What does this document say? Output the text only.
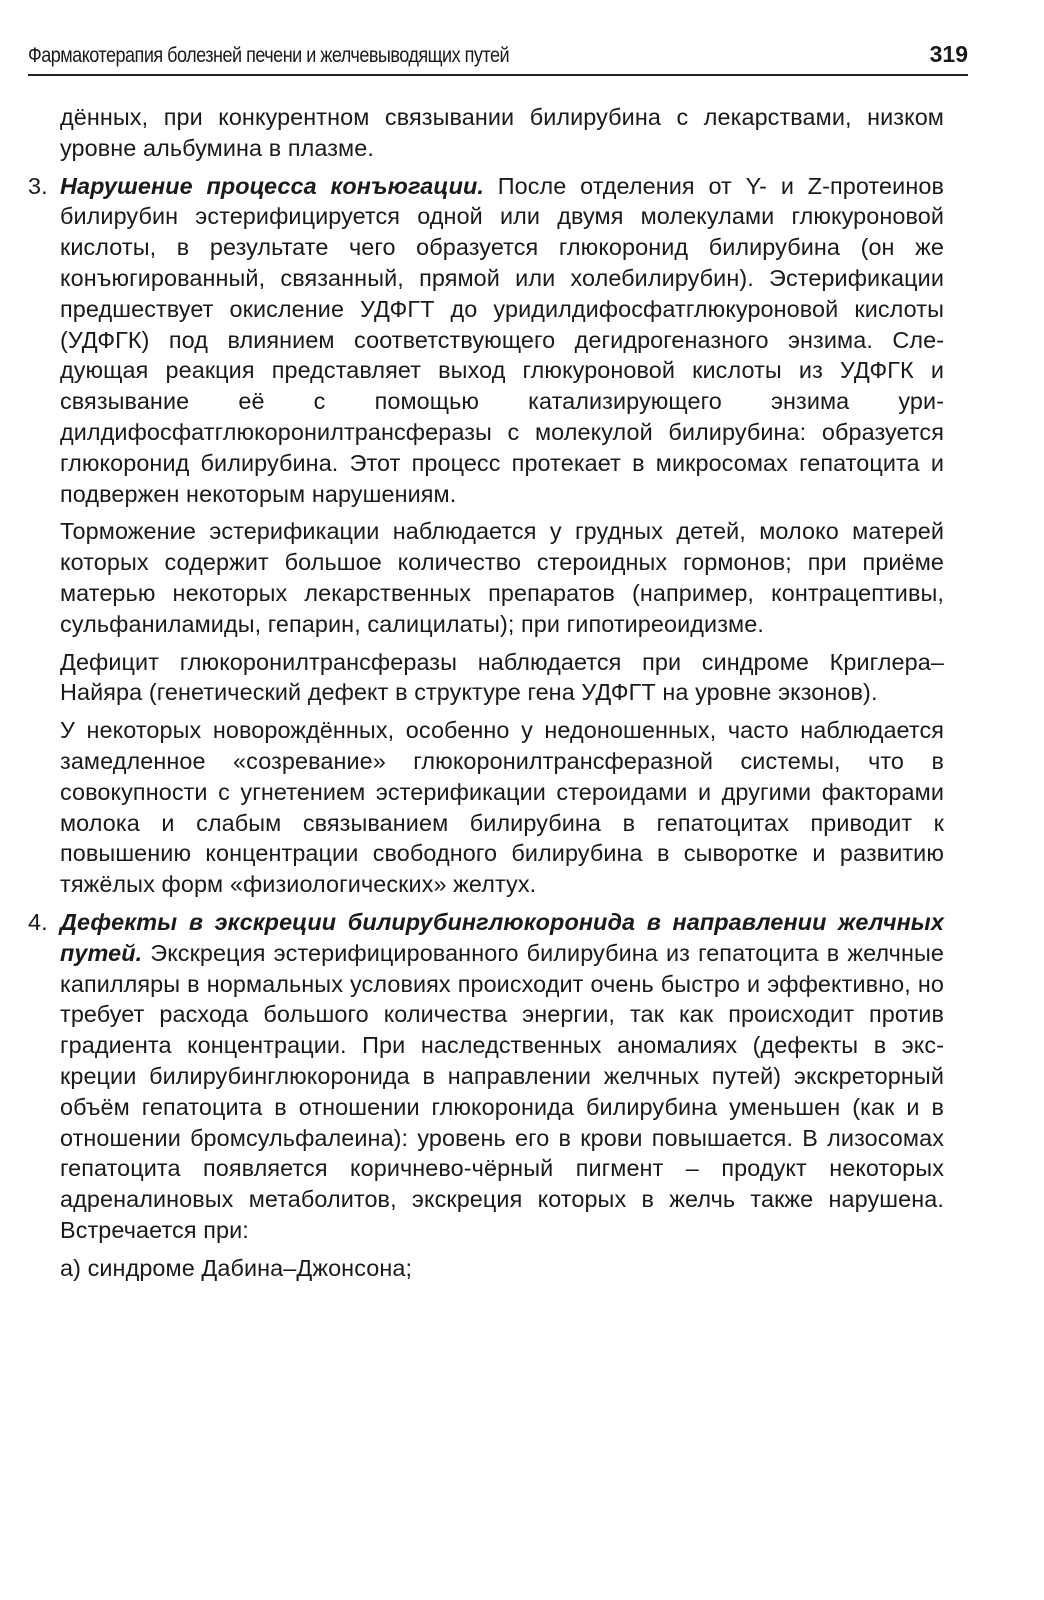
Фармакотерапия болезней печени и желчевыводящих путей	319

дённых, при конкурентном связывании билирубина с лекарствами, низком уровне альбумина в плазме.

3. Нарушение процесса конъюгации. После отделения от Y- и Z-протеинов билирубин эстерифицируется одной или двумя молекулами глюкуроновой кислоты, в результате чего образуется глюкоронид билирубина (он же конъюгированный, связанный, прямой или холебилирубин). Эстерификации предшествует окисление УДФГТ до уридилдифосфатглюкуроновой кислоты (УДФГК) под влиянием соответствующего дегидрогеназного энзима. Следующая реакция представляет выход глюкуроновой кислоты из УДФГК и связывание её с помощью катализирующего энзима уридилдифосфатглюкоронилтрансферазы с молекулой билирубина: образуется глюкоронид билирубина. Этот процесс протекает в микросомах гепатоцита и подвержен некоторым нарушениям.

Торможение эстерификации наблюдается у грудных детей, молоко матерей которых содержит большое количество стероидных гормонов; при приёме матерью некоторых лекарственных препаратов (например, контрацептивы, сульфаниламиды, гепарин, салицилаты); при гипотиреоидизме.

Дефицит глюкоронилтрансферазы наблюдается при синдроме Криглера–Найяра (генетический дефект в структуре гена УДФГТ на уровне экзонов).

У некоторых новорождённых, особенно у недоношенных, часто наблюдается замедленное «созревание» глюкоронилтрансферазной системы, что в совокупности с угнетением эстерификации стероидами и другими факторами молока и слабым связыванием билирубина в гепатоцитах приводит к повышению концентрации свободного билирубина в сыворотке и развитию тяжёлых форм «физиологических» желтух.

4. Дефекты в экскреции билирубинглюкоронида в направлении желчных путей. Экскреция эстерифицированного билирубина из гепатоцита в желчные капилляры в нормальных условиях происходит очень быстро и эффективно, но требует расхода большого количества энергии, так как происходит против градиента концентрации. При наследственных аномалиях (дефекты в экскреции билирубинглюкоронида в направлении желчных путей) экскреторный объём гепатоцита в отношении глюкоронида билирубина уменьшен (как и в отношении бромсульфалеина): уровень его в крови повышается. В лизосомах гепатоцита появляется коричнево-чёрный пигмент – продукт некоторых адреналиновых метаболитов, экскреция которых в желчь также нарушена. Встречается при:

а) синдроме Дабина–Джонсона;
